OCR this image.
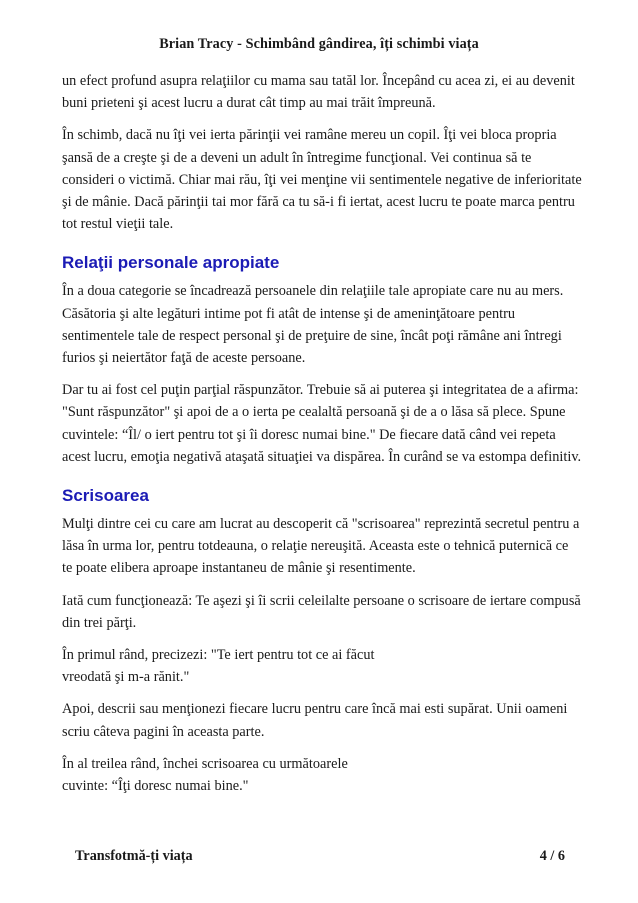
Brian Tracy - Schimbând gândirea, îți schimbi viața

un efect profund asupra relaţiilor cu mama sau tatăl lor. Începând cu acea zi, ei au devenit buni prieteni şi acest lucru a durat cât timp au mai trăit împreună.

În schimb, dacă nu îţi vei ierta părinţii vei ramâne mereu un copil. Îţi vei bloca propria şansă de a creşte şi de a deveni un adult în întregime funcţional. Vei continua să te consideri o victimă. Chiar mai rău, îţi vei menţine vii sentimentele negative de inferioritate şi de mânie. Dacă părinţii tai mor fără ca tu să-i fi iertat, acest lucru te poate marca pentru tot restul vieţii tale.

Relaţii personale apropiate

În a doua categorie se încadrează persoanele din relaţiile tale apropiate care nu au mers. Căsătoria şi alte legături intime pot fi atât de intense şi de ameninţătoare pentru sentimentele tale de respect personal şi de preţuire de sine, încât poţi rămâne ani întregi furios şi neiertător faţă de aceste persoane.

Dar tu ai fost cel puţin parţial răspunzător. Trebuie să ai puterea şi integritatea de a afirma: "Sunt răspunzător" şi apoi de a o ierta pe cealaltă persoană şi de a o lăsa să plece. Spune cuvintele: “Îl/ o iert pentru tot şi îi doresc numai bine." De fiecare dată când vei repeta acest lucru, emoţia negativă ataşată situaţiei va dispărea. În curând se va estompa definitiv.

Scrisoarea

Mulţi dintre cei cu care am lucrat au descoperit că "scrisoarea" reprezintă secretul pentru a lăsa în urma lor, pentru totdeauna, o relaţie nereuşită. Aceasta este o tehnică puternică ce te poate elibera aproape instantaneu de mânie şi resentimente.

Iată cum funcţionează: Te aşezi şi îi scrii celeilalte persoane o scrisoare de iertare compusă din trei părţi.

În primul rând, precizezi: "Te iert pentru tot ce ai făcut
vreodată şi m-a rănit."

Apoi, descrii sau menţionezi fiecare lucru pentru care încă mai esti supărat. Unii oameni scriu câteva pagini în aceasta parte.

În al treilea rând, închei scrisoarea cu următoarele
cuvinte: “Îţi doresc numai bine."

Transfotmă-ți viața	4 / 6
